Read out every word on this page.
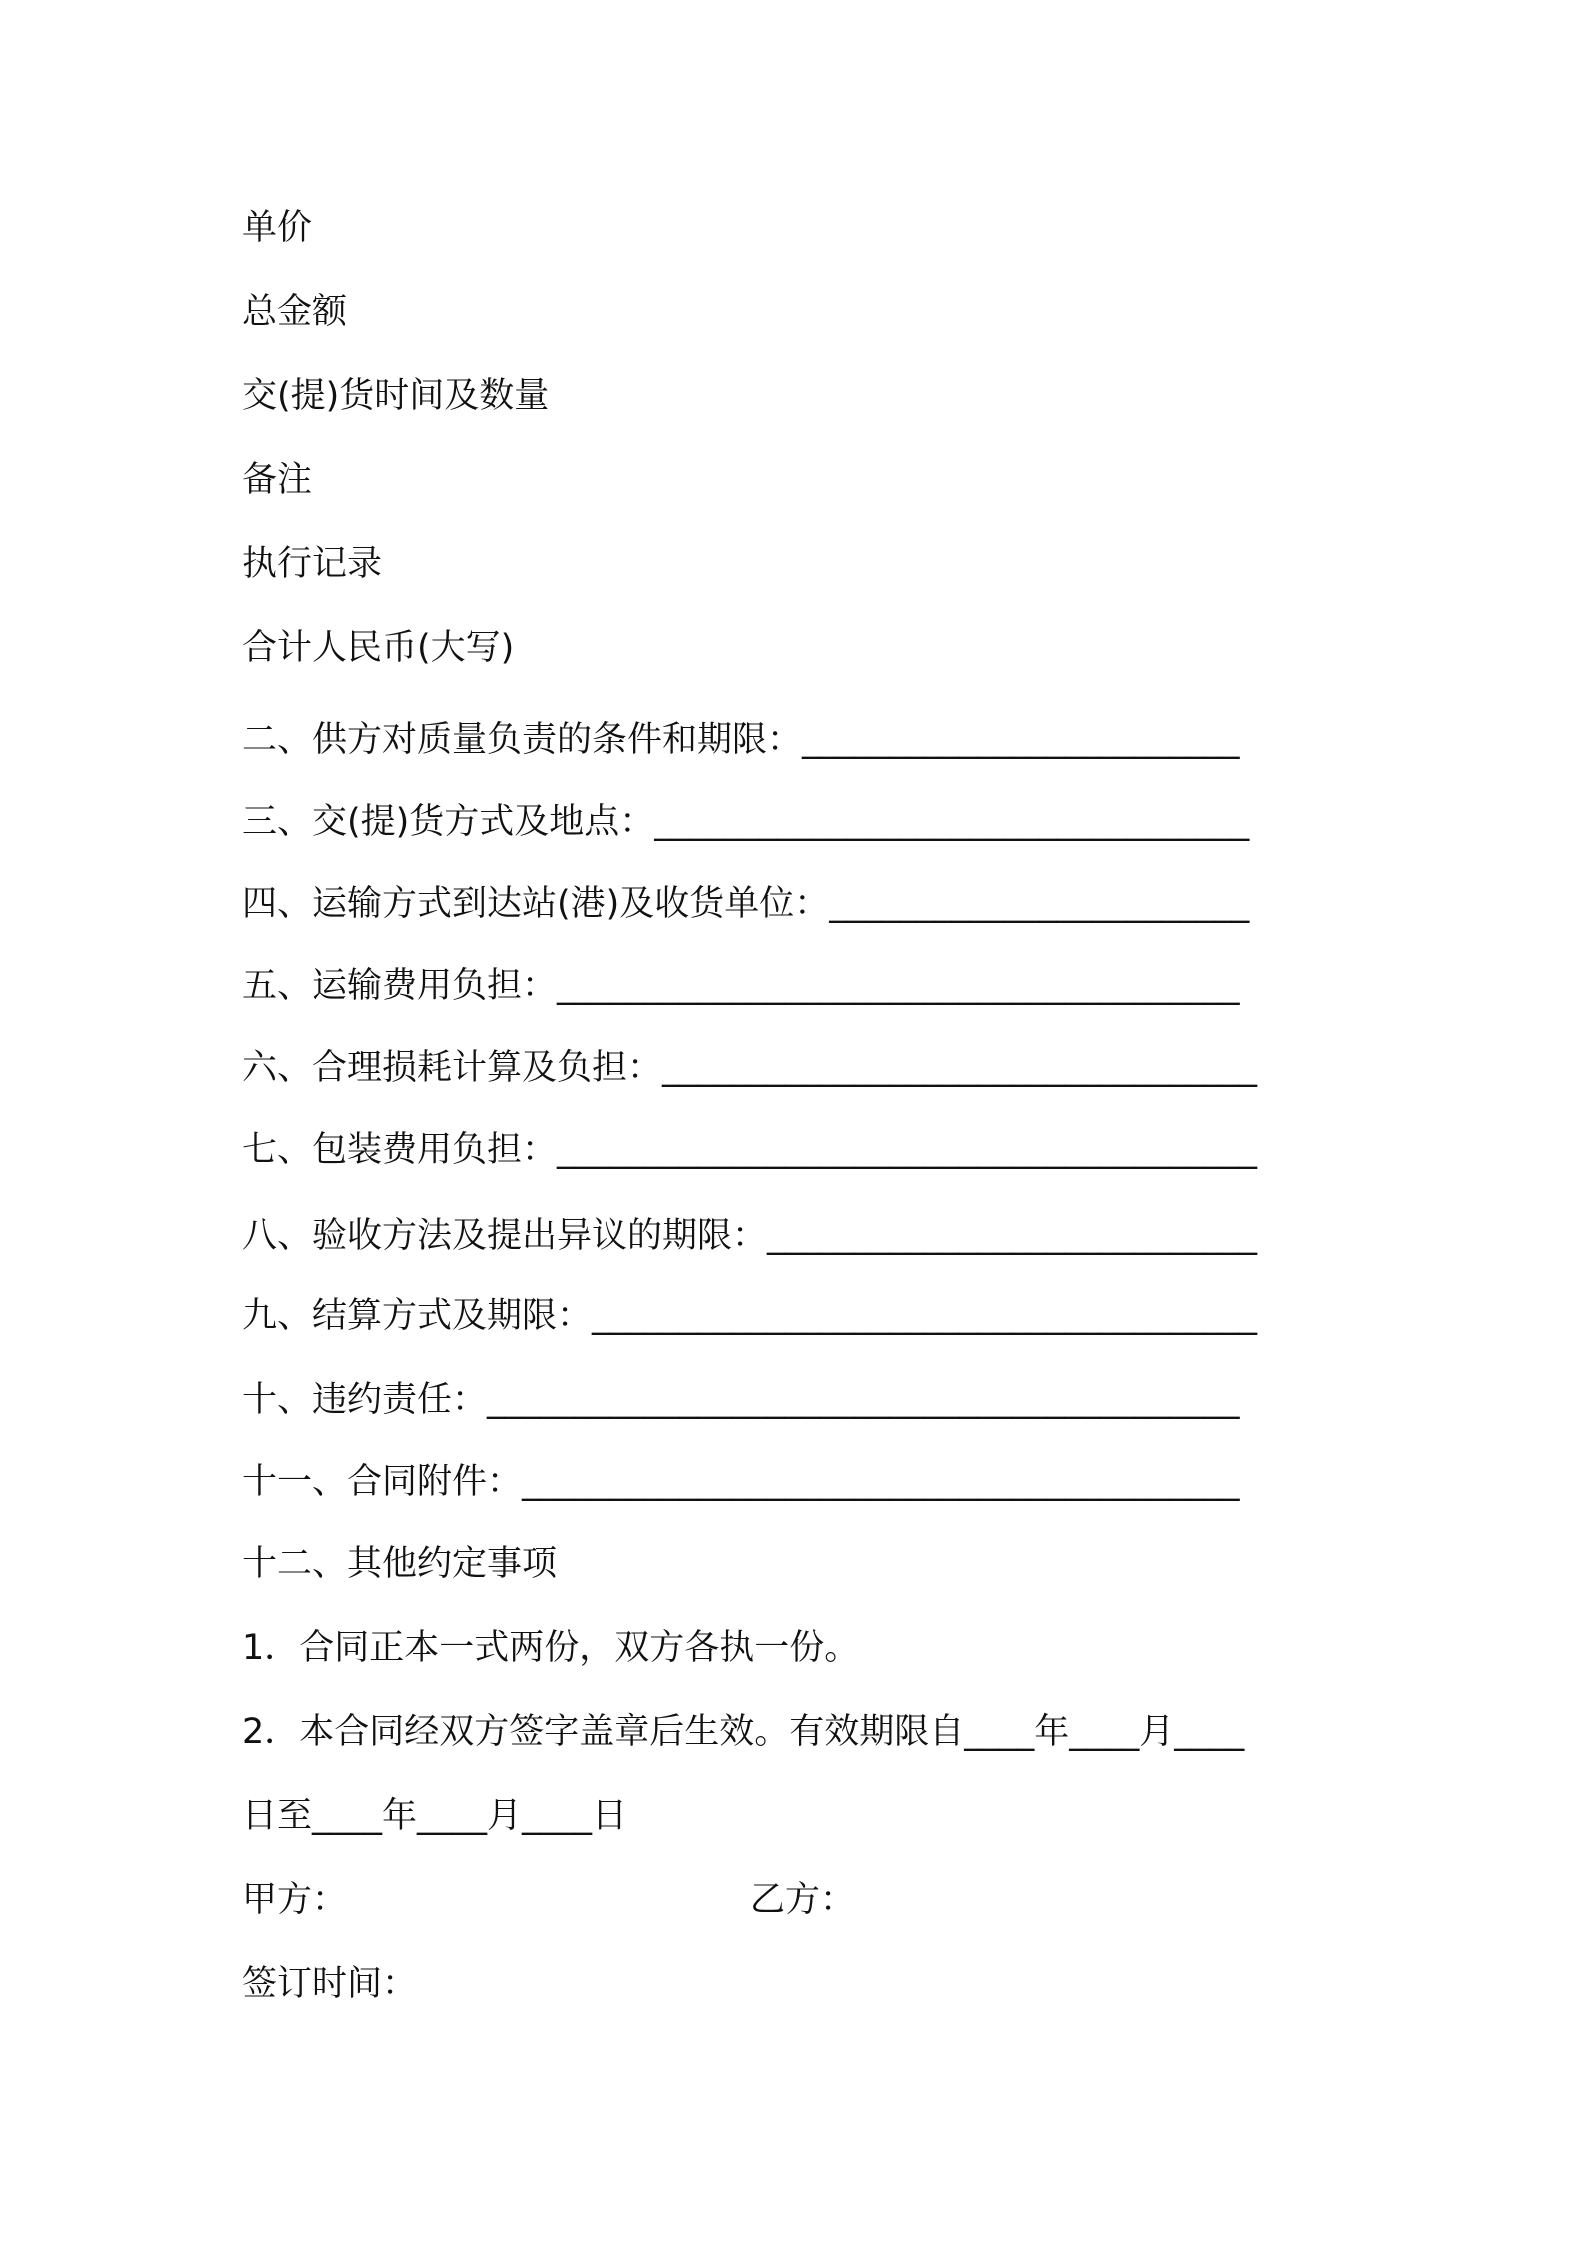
单价
总金额
交(提)货时间及数量
备注
执行记录
合计人民币(大写)
二、供方对质量负责的条件和期限：_________________________
三、交(提)货方式及地点：__________________________________
四、运输方式到达站(港)及收货单位：________________________
五、运输费用负担：_______________________________________
六、合理损耗计算及负担：__________________________________
七、包装费用负担：________________________________________
八、验收方法及提出异议的期限：____________________________
九、结算方式及期限：______________________________________
十、违约责任：___________________________________________
十一、合同附件：_________________________________________
十二、其他约定事项
1．合同正本一式两份，双方各执一份。
2．本合同经双方签字盖章后生效。有效期限自____年____月____
日至____年____月____日
甲方：	乙方：
签订时间：
